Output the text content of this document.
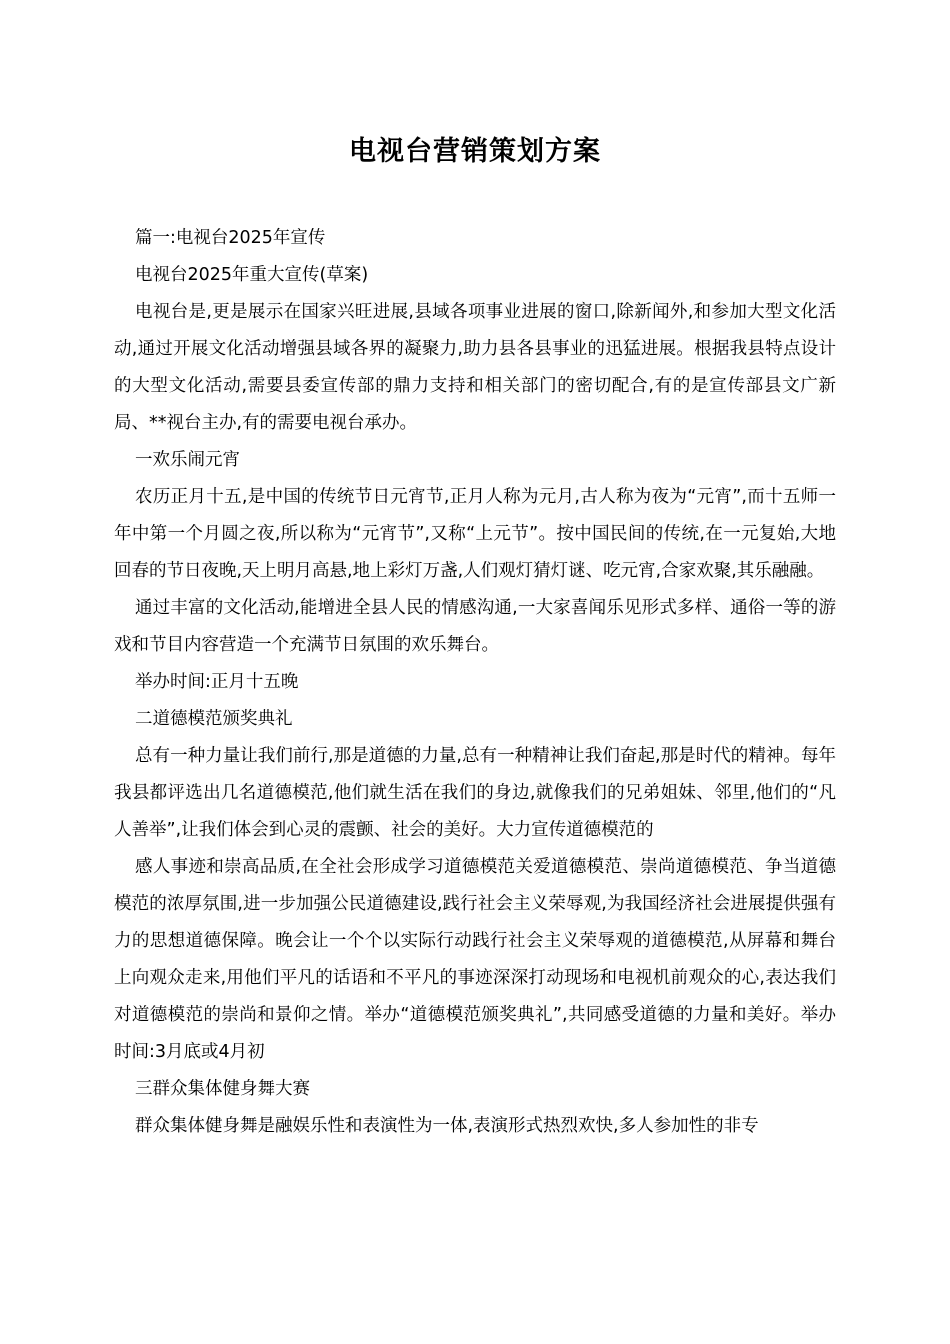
电视台营销策划方案

篇一:电视台2025年宣传

电视台2025年重大宣传(草案)

电视台是,更是展示在国家兴旺进展,县域各项事业进展的窗口,除新闻外,和参加大型文化活动,通过开展文化活动增强县域各界的凝聚力,助力县各县事业的迅猛进展。根据我县特点设计的大型文化活动,需要县委宣传部的鼎力支持和相关部门的密切配合,有的是宣传部县文广新局、**视台主办,有的需要电视台承办。

一欢乐闹元宵

农历正月十五,是中国的传统节日元宵节,正月人称为元月,古人称为夜为“元宵”,而十五师一年中第一个月圆之夜,所以称为“元宵节”,又称“上元节”。按中国民间的传统,在一元复始,大地回春的节日夜晚,天上明月高悬,地上彩灯万盏,人们观灯猜灯谜、吃元宵,合家欢聚,其乐融融。

通过丰富的文化活动,能增进全县人民的情感沟通,一大家喜闻乐见形式多样、通俗一等的游戏和节目内容营造一个充满节日氛围的欢乐舞台。

举办时间:正月十五晚

二道德模范颁奖典礼

总有一种力量让我们前行,那是道德的力量,总有一种精神让我们奋起,那是时代的精神。每年我县都评选出几名道德模范,他们就生活在我们的身边,就像我们的兄弟姐妹、邻里,他们的“凡人善举”,让我们体会到心灵的震颤、社会的美好。大力宣传道德模范的

感人事迹和崇高品质,在全社会形成学习道德模范关爱道德模范、崇尚道德模范、争当道德模范的浓厚氛围,进一步加强公民道德建设,践行社会主义荣辱观,为我国经济社会进展提供强有力的思想道德保障。晚会让一个个以实际行动践行社会主义荣辱观的道德模范,从屏幕和舞台上向观众走来,用他们平凡的话语和不平凡的事迹深深打动现场和电视机前观众的心,表达我们对道德模范的崇尚和景仰之情。举办“道德模范颁奖典礼”,共同感受道德的力量和美好。举办时间:3月底或4月初

三群众集体健身舞大赛

群众集体健身舞是融娱乐性和表演性为一体,表演形式热烈欢快,多人参加性的非专
